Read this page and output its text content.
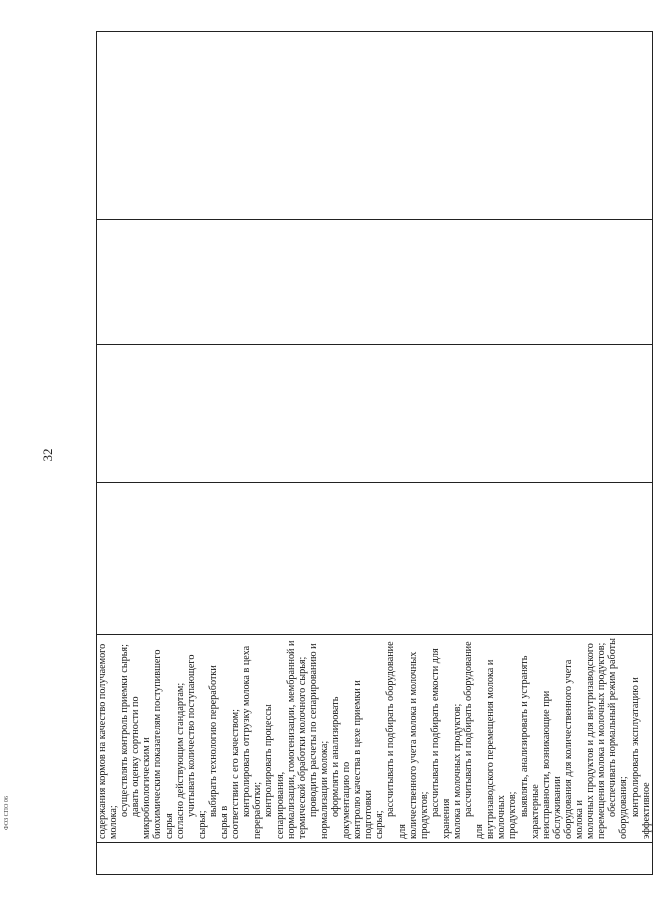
32

содержания кормов на качество получаемого молока;
осуществлять контроль приемки сырья; давать оценку сортности по микробиологическим и биохимическим показателям поступившего сырья согласно действующим стандартам; учитывать количество поступающего сырья;
выбирать технологию переработки сырья в соответствии с его качеством; контролировать отгрузку молока в цеха переработки; контролировать процессы сепарирования, нормализации, гомогенизации, мембранной и термической обработки молочного сырья; проводить расчеты по сепарированию и нормализации молока; оформлять и анализировать документацию по контролю качества в цехе приемки и подготовки сырья;
рассчитывать и подбирать оборудование для количественного учета молока и молочных продуктов; рассчитывать и подбирать емкости для хранения молока и молочных продуктов; рассчитывать и подбирать оборудование для внутризаводского перемещения молока и молочных продуктов; выявлять, анализировать и устранять характерные неисправности, возникающие при обслуживании оборудования для количественного учета молока и молочных продуктов и для внутризаводского перемещения молока и молочных продуктов; обеспечивать нормальный режим работы оборудования; контролировать эксплуатацию и эффективное

ФОЗ СПО 06
